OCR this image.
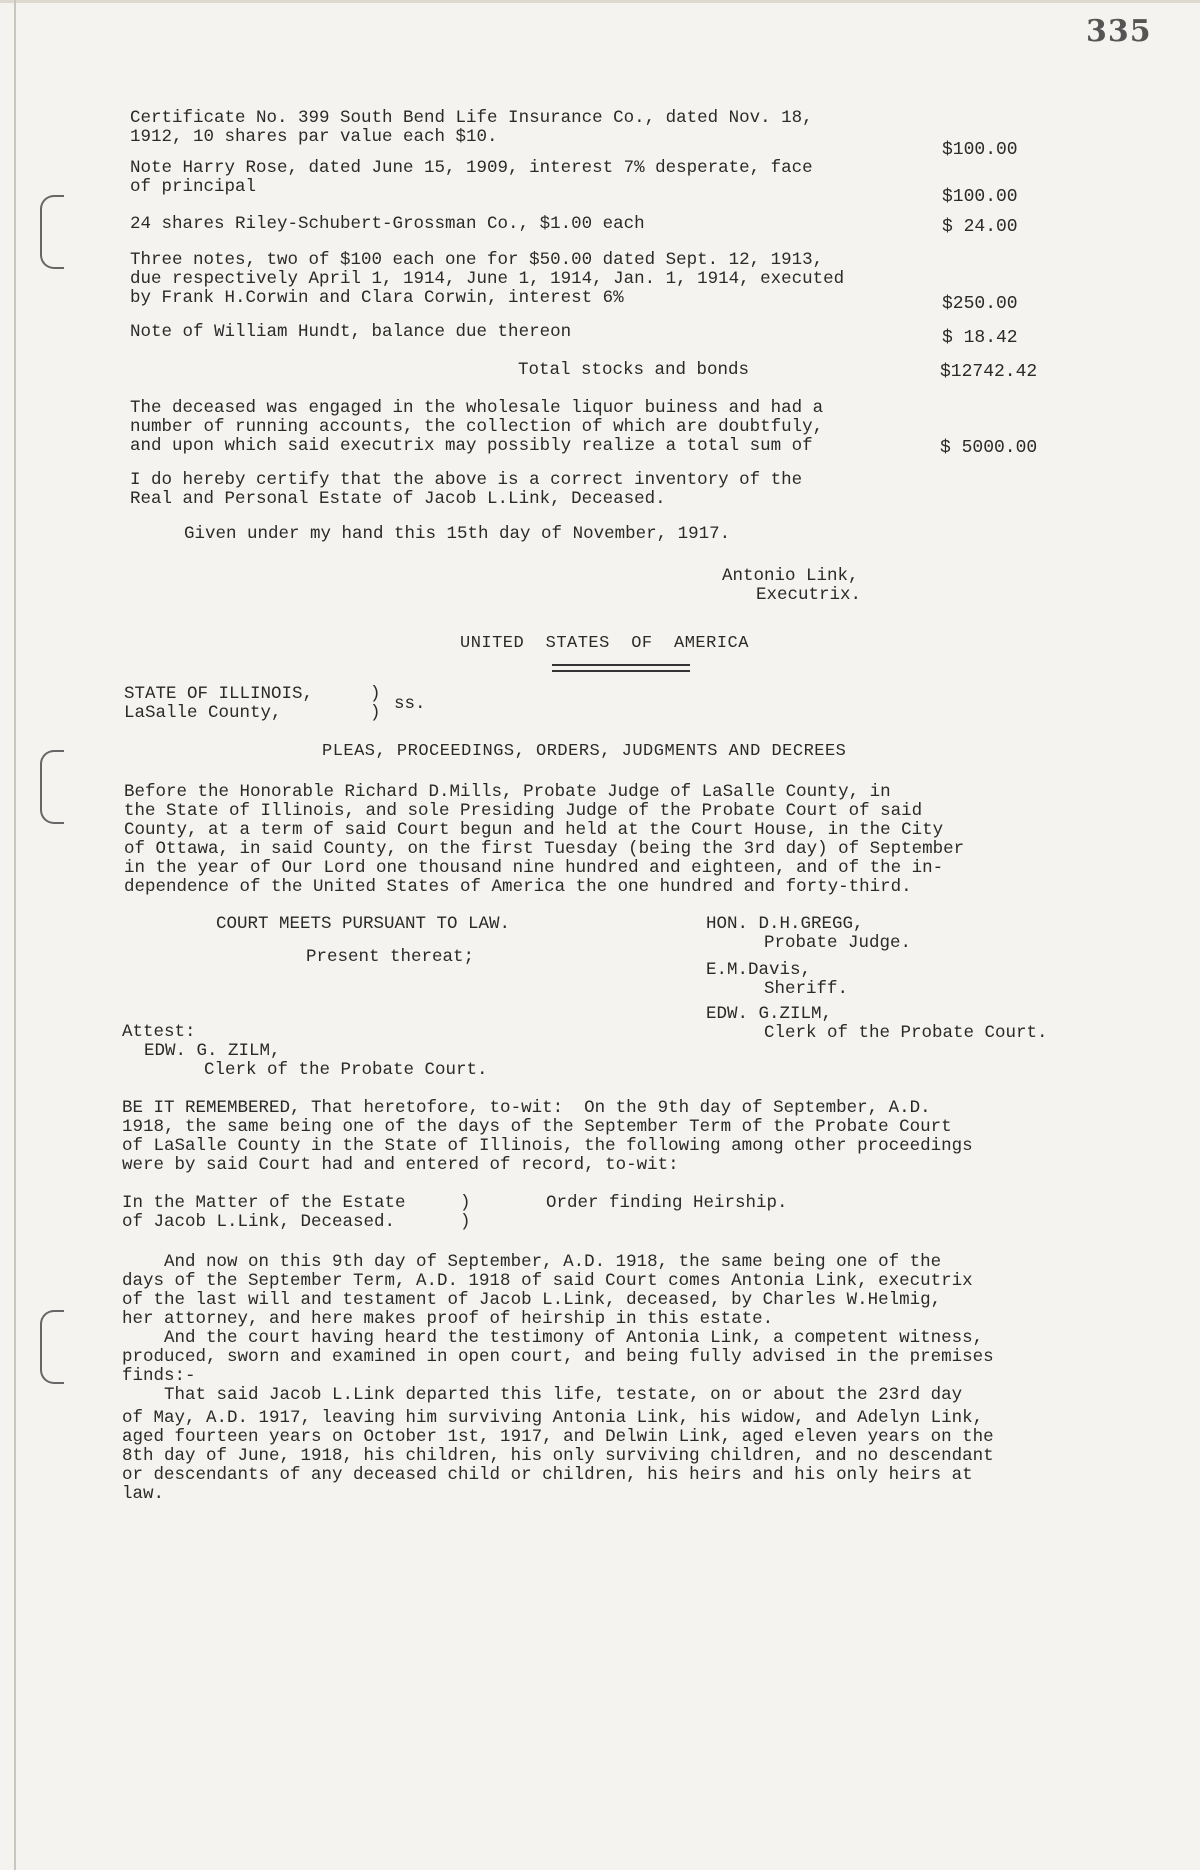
335
Certificate No. 399 South Bend Life Insurance Co., dated Nov. 18,
1912, 10 shares par value each $10.
$100.00
Note Harry Rose, dated June 15, 1909, interest 7% desperate, face
of principal	$100.00
24 shares Riley-Schubert-Grossman Co., $1.00 each	$ 24.00
Three notes, two of $100 each one for $50.00 dated Sept. 12, 1913,
due respectively April 1, 1914, June 1, 1914, Jan. 1, 1914, executed
by Frank H.Corwin and Clara Corwin, interest 6%	$250.00
Note of William Hundt, balance due thereon	$ 18.42
Total stocks and bonds	$12742.42
The deceased was engaged in the wholesale liquor buiness and had a
number of running accounts, the collection of which are doubtfuly,
and upon which said executrix may possibly realize a total sum of	$ 5000.00
I do hereby certify that the above is a correct inventory of the
Real and Personal Estate of Jacob L.Link, Deceased.
Given under my hand this 15th day of November, 1917.
Antonio Link,
Executrix.
UNITED  STATES  OF  AMERICA
STATE OF ILLINOIS,
LaSalle County,
)
) ss.
PLEAS, PROCEEDINGS, ORDERS, JUDGMENTS AND DECREES
Before the Honorable Richard D.Mills, Probate Judge of LaSalle County, in
the State of Illinois, and sole Presiding Judge of the Probate Court of said
County, at a term of said Court begun and held at the Court House, in the City
of Ottawa, in said County, on the first Tuesday (being the 3rd day) of September
in the year of Our Lord one thousand nine hundred and eighteen, and of the in-
dependence of the United States of America the one hundred and forty-third.
COURT MEETS PURSUANT TO LAW.
Present thereat;
HON. D.H.GREGG,
Probate Judge.
E.M.Davis,
Sheriff.
EDW. G.ZILM,
Clerk of the Probate Court.
Attest:
EDW. G. ZILM,
Clerk of the Probate Court.
BE IT REMEMBERED, That heretofore, to-wit:  On the 9th day of September, A.D.
1918, the same being one of the days of the September Term of the Probate Court
of LaSalle County in the State of Illinois, the following among other proceedings
were by said Court had and entered of record, to-wit:
In the Matter of the Estate
of Jacob L.Link, Deceased.
)
)
Order finding Heirship.
And now on this 9th day of September, A.D. 1918, the same being one of the
days of the September Term, A.D. 1918 of said Court comes Antonia Link, executrix
of the last will and testament of Jacob L.Link, deceased, by Charles W.Helmig,
her attorney, and here makes proof of heirship in this estate.
And the court having heard the testimony of Antonia Link, a competent witness,
produced, sworn and examined in open court, and being fully advised in the premises
finds:-
That said Jacob L.Link departed this life, testate, on or about the 23rd day
of May, A.D. 1917, leaving him surviving Antonia Link, his widow, and Adelyn Link,
aged fourteen years on October 1st, 1917, and Delwin Link, aged eleven years on the
8th day of June, 1918, his children, his only surviving children, and no descendant
or descendants of any deceased child or children, his heirs and his only heirs at
law.
